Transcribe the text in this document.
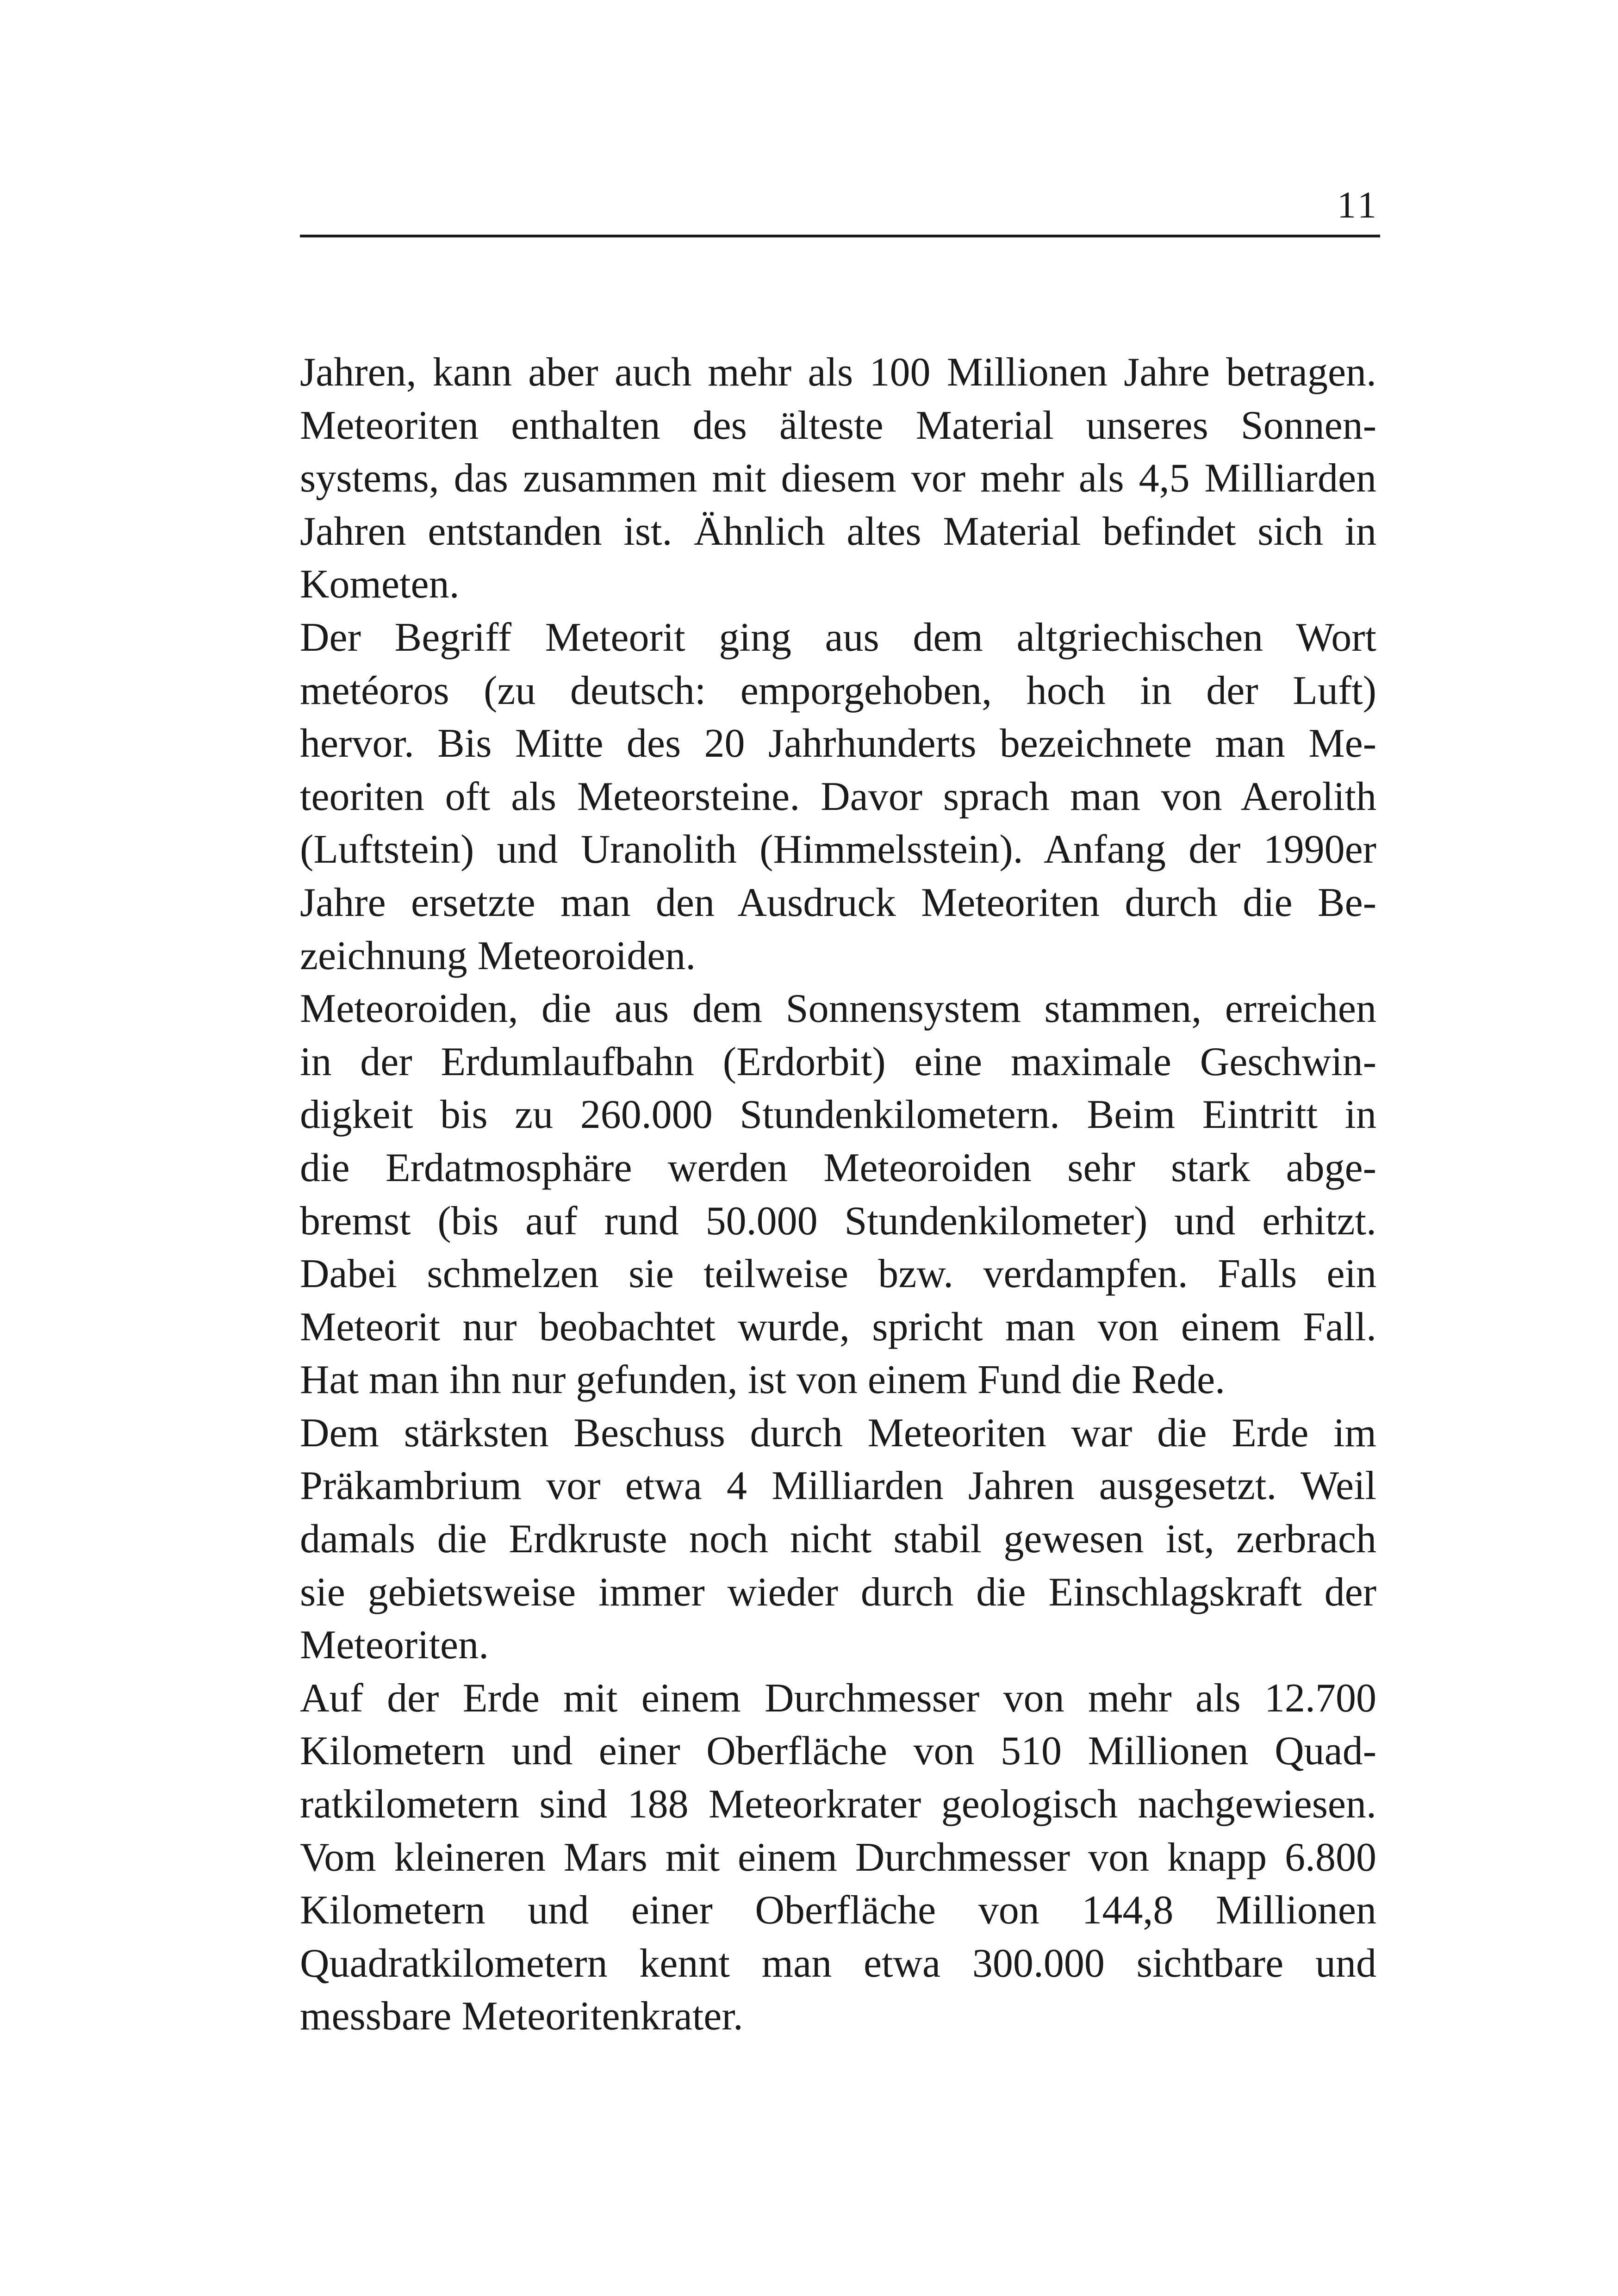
11
Jahren, kann aber auch mehr als 100 Millionen Jahre betragen.
Meteoriten enthalten des älteste Material unseres Sonnen-
systems, das zusammen mit diesem vor mehr als 4,5 Milliarden
Jahren entstanden ist. Ähnlich altes Material befindet sich in
Kometen.
Der Begriff Meteorit ging aus dem altgriechischen Wort
metéoros (zu deutsch: emporgehoben, hoch in der Luft)
hervor. Bis Mitte des 20 Jahrhunderts bezeichnete man Me-
teoriten oft als Meteorsteine. Davor sprach man von Aerolith
(Luftstein) und Uranolith (Himmelsstein). Anfang der 1990er
Jahre ersetzte man den Ausdruck Meteoriten durch die Be-
zeichnung Meteoroiden.
Meteoroiden, die aus dem Sonnensystem stammen, erreichen
in der Erdumlaufbahn (Erdorbit) eine maximale Geschwin-
digkeit bis zu 260.000 Stundenkilometern. Beim Eintritt in
die Erdatmosphäre werden Meteoroiden sehr stark abge-
bremst (bis auf rund 50.000 Stundenkilometer) und erhitzt.
Dabei schmelzen sie teilweise bzw. verdampfen. Falls ein
Meteorit nur beobachtet wurde, spricht man von einem Fall.
Hat man ihn nur gefunden, ist von einem Fund die Rede.
Dem stärksten Beschuss durch Meteoriten war die Erde im
Präkambrium vor etwa 4 Milliarden Jahren ausgesetzt. Weil
damals die Erdkruste noch nicht stabil gewesen ist, zerbrach
sie gebietsweise immer wieder durch die Einschlagskraft der
Meteoriten.
Auf der Erde mit einem Durchmesser von mehr als 12.700
Kilometern und einer Oberfläche von 510 Millionen Quad-
ratkilometern sind 188 Meteorkrater geologisch nachgewiesen.
Vom kleineren Mars mit einem Durchmesser von knapp 6.800
Kilometern und einer Oberfläche von 144,8 Millionen
Quadratkilometern kennt man etwa 300.000 sichtbare und
messbare Meteoritenkrater.
